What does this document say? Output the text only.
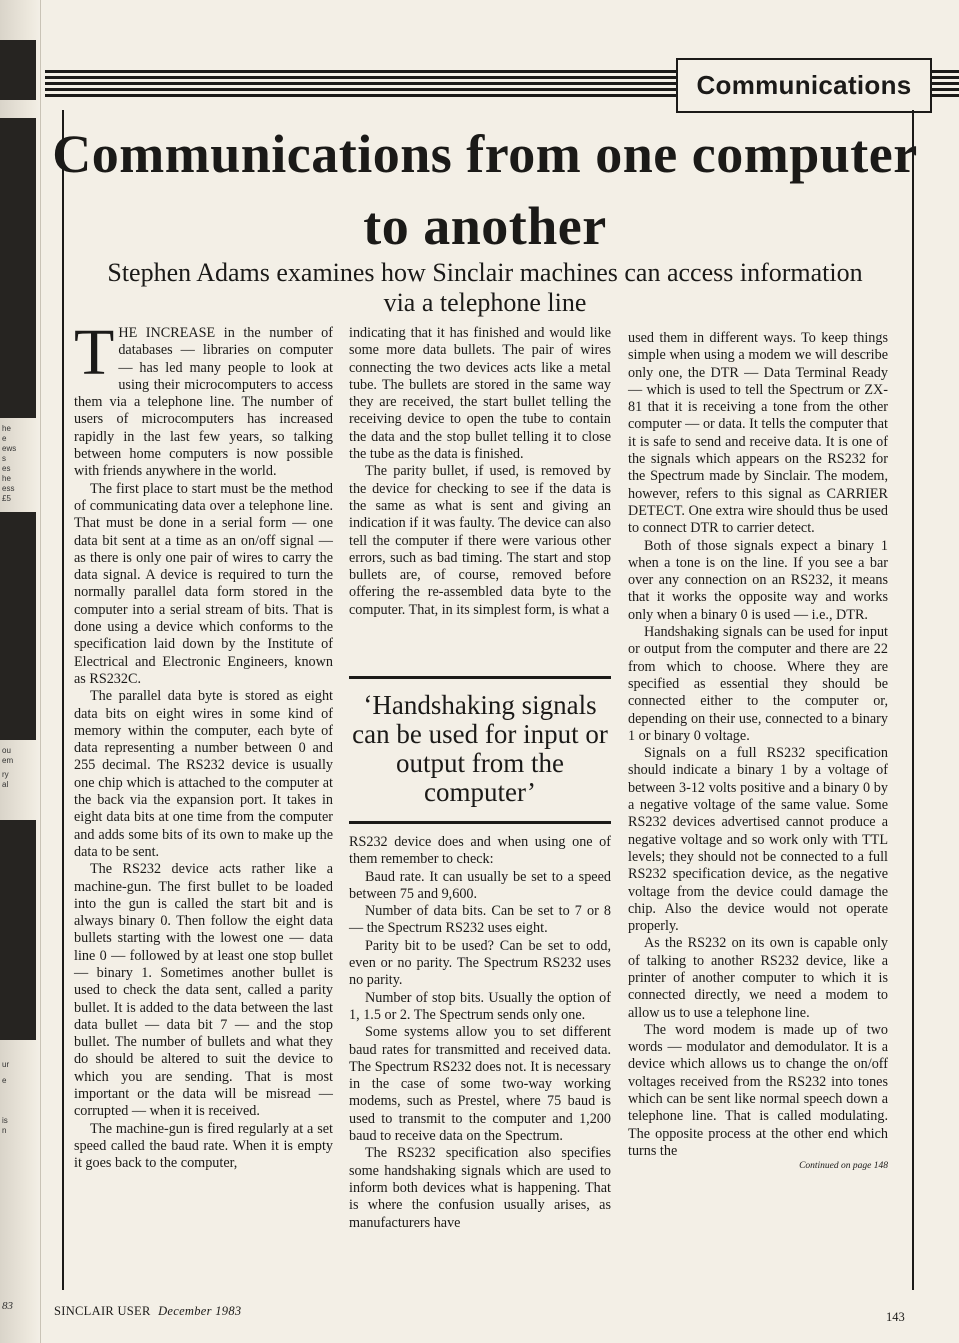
he
e
ews
s
es
he
ess
£5
ou
em
ry
al
ur
e
is
n
83
Communications
Communications from one computer to another

Stephen Adams examines how Sinclair machines can access information via a telephone line

THE INCREASE in the number of databases — libraries on computer — has led many people to look at using their microcomputers to access them via a telephone line. The number of users of microcomputers has increased rapidly in the last few years, so talking between home computers is now possible with friends anywhere in the world.

The first place to start must be the method of communicating data over a telephone line. That must be done in a serial form — one data bit sent at a time as an on/off signal — as there is only one pair of wires to carry the data signal. A device is required to turn the normally parallel data form stored in the computer into a serial stream of bits. That is done using a device which conforms to the specification laid down by the Institute of Electrical and Electronic Engineers, known as RS232C.

The parallel data byte is stored as eight data bits on eight wires in some kind of memory within the computer, each byte of data representing a number between 0 and 255 decimal. The RS232 device is usually one chip which is attached to the computer at the back via the expansion port. It takes in eight data bits at one time from the computer and adds some bits of its own to make up the data to be sent.

The RS232 device acts rather like a machine-gun. The first bullet to be loaded into the gun is called the start bit and is always binary 0. Then follow the eight data bullets starting with the lowest one — data line 0 — followed by at least one stop bullet — binary 1. Sometimes another bullet is used to check the data sent, called a parity bullet. It is added to the data between the last data bullet — data bit 7 — and the stop bullet. The number of bullets and what they do should be altered to suit the device to which you are sending. That is most important or the data will be misread — corrupted — when it is received.

The machine-gun is fired regularly at a set speed called the baud rate. When it is empty it goes back to the computer,

indicating that it has finished and would like some more data bullets. The pair of wires connecting the two devices acts like a metal tube. The bullets are stored in the same way they are received, the start bullet telling the receiving device to open the tube to contain the data and the stop bullet telling it to close the tube as the data is finished.

The parity bullet, if used, is removed by the device for checking to see if the data is the same as what is sent and giving an indication if it was faulty. The device can also tell the computer if there were various other errors, such as bad timing. The start and stop bullets are, of course, removed before offering the re-assembled data byte to the computer. That, in its simplest form, is what a

‘Handshaking signals can be used for input or output from the computer’

RS232 device does and when using one of them remember to check:

Baud rate. It can usually be set to a speed between 75 and 9,600.

Number of data bits. Can be set to 7 or 8 — the Spectrum RS232 uses eight.

Parity bit to be used? Can be set to odd, even or no parity. The Spectrum RS232 uses no parity.

Number of stop bits. Usually the option of 1, 1.5 or 2. The Spectrum sends only one.

Some systems allow you to set different baud rates for transmitted and received data. The Spectrum RS232 does not. It is necessary in the case of some two-way working modems, such as Prestel, where 75 baud is used to transmit to the computer and 1,200 baud to receive data on the Spectrum.

The RS232 specification also specifies some handshaking signals which are used to inform both devices what is happening. That is where the confusion usually arises, as manufacturers have

used them in different ways. To keep things simple when using a modem we will describe only one, the DTR — Data Terminal Ready — which is used to tell the Spectrum or ZX-81 that it is receiving a tone from the other computer — or data. It tells the computer that it is safe to send and receive data. It is one of the signals which appears on the RS232 for the Spectrum made by Sinclair. The modem, however, refers to this signal as CARRIER DETECT. One extra wire should thus be used to connect DTR to carrier detect.

Both of those signals expect a binary 1 when a tone is on the line. If you see a bar over any connection on an RS232, it means that it works the opposite way and works only when a binary 0 is used — i.e., DTR.

Handshaking signals can be used for input or output from the computer and there are 22 from which to choose. Where they are specified as essential they should be connected either to the computer or, depending on their use, connected to a binary 1 or binary 0 voltage.

Signals on a full RS232 specification should indicate a binary 1 by a voltage of between 3-12 volts positive and a binary 0 by a negative voltage of the same value. Some RS232 devices advertised cannot produce a negative voltage and so work only with TTL levels; they should not be connected to a full RS232 specification device, as the negative voltage from the device could damage the chip. Also the device would not operate properly.

As the RS232 on its own is capable only of talking to another RS232 device, like a printer of another computer to which it is connected directly, we need a modem to allow us to use a telephone line.

The word modem is made up of two words — modulator and demodulator. It is a device which allows us to change the on/off voltages received from the RS232 into tones which can be sent like normal speech down a telephone line. That is called modulating. The opposite process at the other end which turns the

Continued on page 148
SINCLAIR USER December 1983	143
